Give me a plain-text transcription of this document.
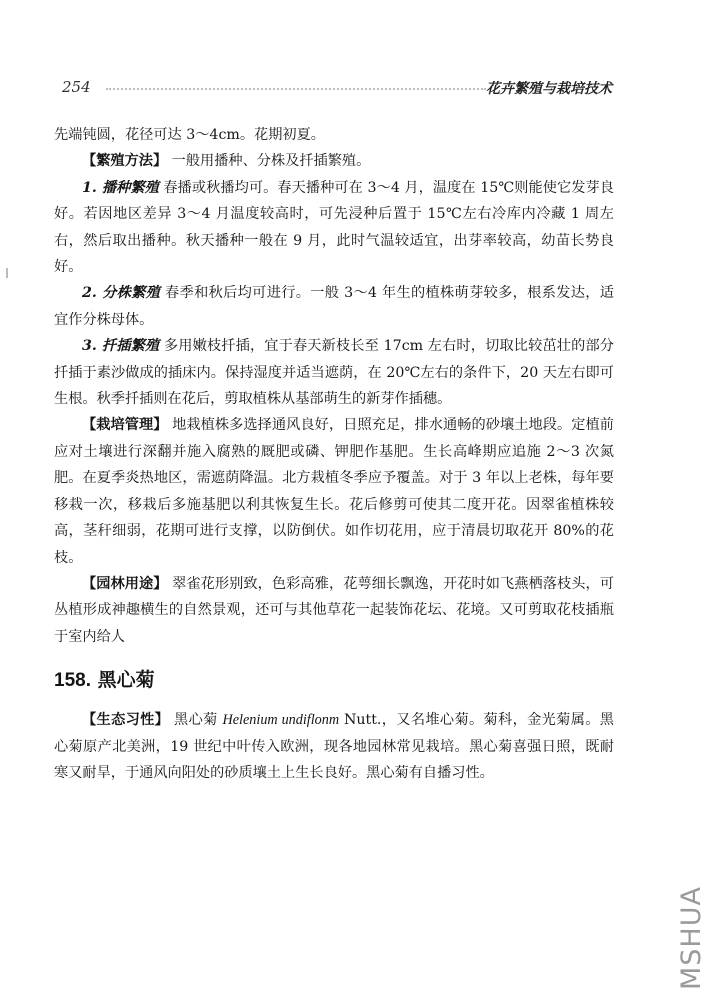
254	花卉繁殖与栽培技术

先端钝圆，花径可达 3～4cm。花期初夏。

【繁殖方法】 一般用播种、分株及扦插繁殖。

1. 播种繁殖 春播或秋播均可。春天播种可在 3～4 月，温度在 15℃则能使它发芽良好。若因地区差异 3～4 月温度较高时，可先浸种后置于 15℃左右冷库内冷藏 1 周左右，然后取出播种。秋天播种一般在 9 月，此时气温较适宜，出芽率较高，幼苗长势良好。

2. 分株繁殖 春季和秋后均可进行。一般 3～4 年生的植株萌芽较多，根系发达，适宜作分株母体。

3. 扦插繁殖 多用嫩枝扦插，宜于春天新枝长至 17cm 左右时，切取比较茁壮的部分扦插于素沙做成的插床内。保持湿度并适当遮荫，在 20℃左右的条件下，20 天左右即可生根。秋季扦插则在花后，剪取植株从基部萌生的新芽作插穗。

【栽培管理】 地栽植株多选择通风良好，日照充足，排水通畅的砂壤土地段。定植前应对土壤进行深翻并施入腐熟的厩肥或磷、钾肥作基肥。生长高峰期应追施 2～3 次氮肥。在夏季炎热地区，需遮荫降温。北方栽植冬季应予覆盖。对于 3 年以上老株，每年要移栽一次，移栽后多施基肥以利其恢复生长。花后修剪可使其二度开花。因翠雀植株较高，茎秆细弱，花期可进行支撑，以防倒伏。如作切花用，应于清晨切取花开 80%的花枝。

【园林用途】 翠雀花形别致，色彩高雅，花萼细长飘逸，开花时如飞燕栖落枝头，可丛植形成神趣横生的自然景观，还可与其他草花一起装饰花坛、花境。又可剪取花枝插瓶于室内给人

158. 黑心菊

【生态习性】 黑心菊 Helenium undiflonm Nutt.，又名堆心菊。菊科，金光菊属。黑心菊原产北美洲，19 世纪中叶传入欧洲，现各地园林常见栽培。黑心菊喜强日照，既耐寒又耐旱，于通风向阳处的砂质壤土上生长良好。黑心菊有自播习性。

MSHUA
